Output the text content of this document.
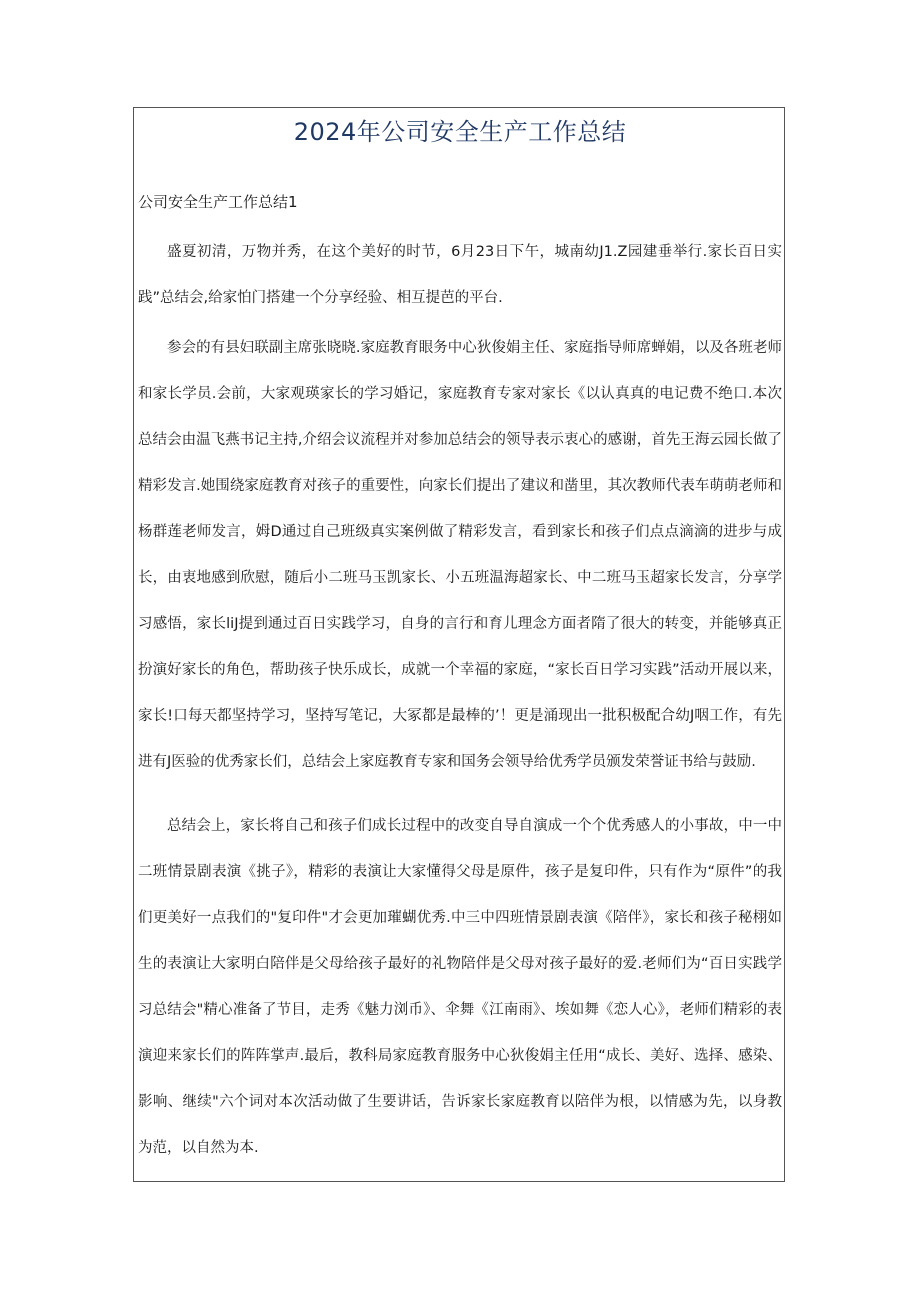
2024年公司安全生产工作总结
公司安全生产工作总结1

盛夏初清，万物并秀，在这个美好的时节，6月23日下午，城南幼J1.Z园建垂举行.家长百日实践”总结会,给家怕门搭建一个分享经验、相互提芭的平台.

参会的有县妇联副主席张晓晓.家庭教育眼务中心狄俊娟主任、家庭指导师席蝉娟，以及各班老师和家长学员.会前，大家观瑛家长的学习婚记，家庭教育专家对家长《以认真真的电记费不绝口.本次总结会由温飞燕书记主持,介绍会议流程并对参加总结会的领导表示衷心的感谢，首先王海云园长做了精彩发言.她围绕家庭教育对孩子的重要性，向家长们提出了建议和凿里，其次教师代表车萌萌老师和杨群莲老师发言，姆D通过自己班级真实案例做了精彩发言，看到家长和孩子们点点滴滴的进步与成长，由衷地感到欣慰，随后小二班马玉凯家长、小五班温海超家长、中二班马玉超家长发言，分享学习感悟，家长liJ提到通过百日实践学习，自身的言行和育儿理念方面者隋了很大的转变，并能够真正扮演好家长的角色，帮助孩子快乐成长，成就一个幸福的家庭，“家长百日学习实践”活动开展以来，家长!口每天都坚持学习，坚持写笔记，大冢都是最棒的’！更是涌现出一批积极配合幼J咽工作，有先进有J医验的优秀家长们，总结会上家庭教育专家和国务会领导给优秀学员颁发荣誉证书给与鼓励.

总结会上，家长将自己和孩子们成长过程中的改变自导自演成一个个优秀感人的小事故，中一中二班情景剧表演《挑子》，精彩的表演让大家懂得父母是原件，孩子是复印件，只有作为“原件”的我们更美好一点我们的"复印件"才会更加璀蝴优秀.中三中四班情景剧表演《陪伴》，家长和孩子秘栩如生的表演让大家明白陪伴是父母给孩子最好的礼物陪伴是父母对孩子最好的爱.老师们为“百日实践学习总结会"精心准备了节目，走秀《魅力浏币》、伞舞《江南雨》、埃如舞《恋人心》，老师们精彩的表演迎来家长们的阵阵掌声.最后，教科局家庭教育服务中心狄俊娟主任用“成长、美好、选择、感染、影响、继续"六个词对本次活动做了生要讲话，告诉家长家庭教育以陪伴为根，以情感为先，以身教为范，以自然为本.
